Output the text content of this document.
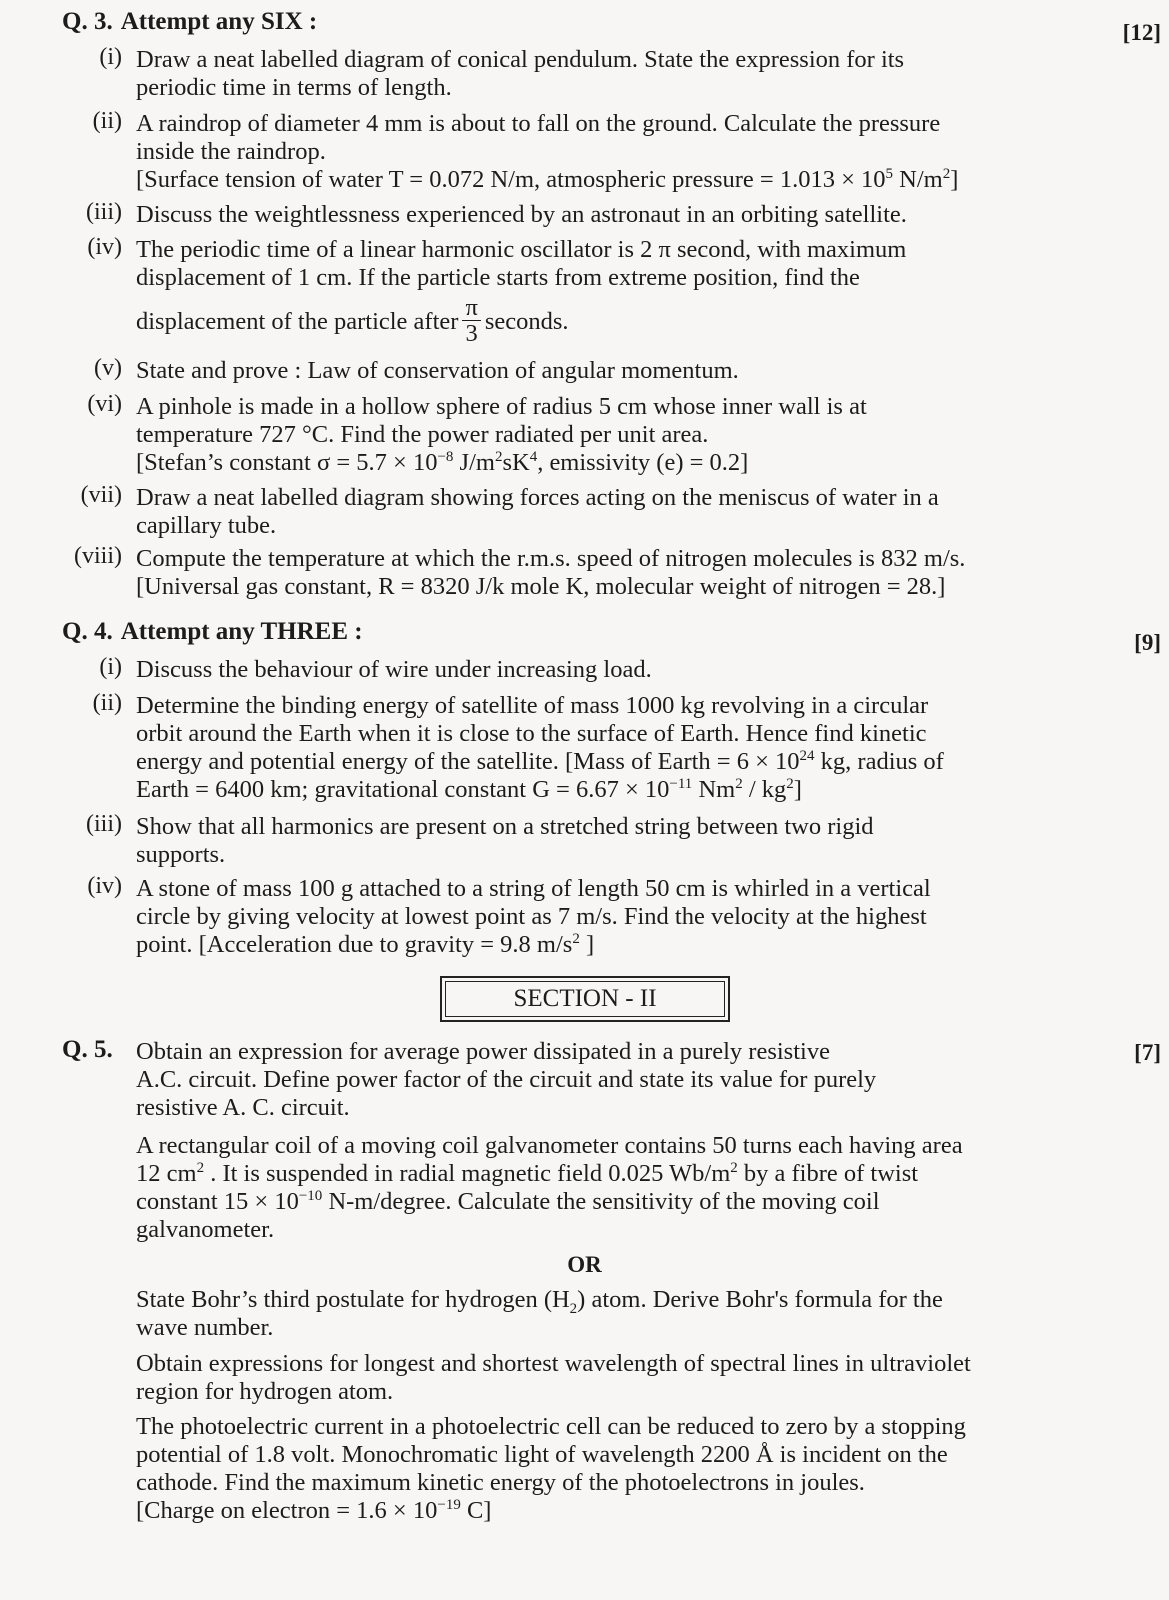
Q. 3. Attempt any SIX :	[12]
(i) Draw a neat labelled diagram of conical pendulum. State the expression for its
periodic time in terms of length.
(ii) A raindrop of diameter 4 mm is about to fall on the ground. Calculate the pressure
inside the raindrop.
[Surface tension of water T = 0.072 N/m, atmospheric pressure = $1.013 \times 10^5$ $N/m^2$]
(iii) Discuss the weightlessness experienced by an astronaut in an orbiting satellite.
(iv) The periodic time of a linear harmonic oscillator is 2 π second, with maximum
displacement of 1 cm. If the particle starts from extreme position, find the
displacement of the particle after $\frac{\pi}{3}$ seconds.
(v) State and prove : Law of conservation of angular momentum.
(vi) A pinhole is made in a hollow sphere of radius 5 cm whose inner wall is at
temperature 727 °C. Find the power radiated per unit area.
[Stefan’s constant $\sigma = 5.7 \times 10^{-8}$ $J/m^2sK^4$, emissivity (e) = 0.2]
(vii) Draw a neat labelled diagram showing forces acting on the meniscus of water in a
capillary tube.
(viii) Compute the temperature at which the r.m.s. speed of nitrogen molecules is 832 m/s.
[Universal gas constant, R = 8320 J/k mole K, molecular weight of nitrogen = 28.]
Q. 4. Attempt any THREE :	[9]
(i) Discuss the behaviour of wire under increasing load.
(ii) Determine the binding energy of satellite of mass 1000 kg revolving in a circular
orbit around the Earth when it is close to the surface of Earth. Hence find kinetic
energy and potential energy of the satellite. [Mass of Earth = $6 \times 10^{24}$ kg, radius of
Earth = 6400 km; gravitational constant $G = 6.67 \times 10^{-11}$ $Nm^2 / kg^2$]
(iii) Show that all harmonics are present on a stretched string between two rigid
supports.
(iv) A stone of mass 100 g attached to a string of length 50 cm is whirled in a vertical
circle by giving velocity at lowest point as 7 m/s. Find the velocity at the highest
point. [Acceleration due to gravity = 9.8 $m/s^2$ ]
SECTION - II
Q. 5.	[7]
Obtain an expression for average power dissipated in a purely resistive
A.C. circuit. Define power factor of the circuit and state its value for purely
resistive A. C. circuit.
A rectangular coil of a moving coil galvanometer contains 50 turns each having area
12 $cm^2$ . It is suspended in radial magnetic field 0.025 $Wb/m^2$ by a fibre of twist
constant $15 \times 10^{-10}$ N-m/degree. Calculate the sensitivity of the moving coil
galvanometer.
OR
State Bohr’s third postulate for hydrogen $(H_2)$ atom. Derive Bohr's formula for the
wave number.
Obtain expressions for longest and shortest wavelength of spectral lines in ultraviolet
region for hydrogen atom.
The photoelectric current in a photoelectric cell can be reduced to zero by a stopping
potential of 1.8 volt. Monochromatic light of wavelength 2200 Å is incident on the
cathode. Find the maximum kinetic energy of the photoelectrons in joules.
[Charge on electron = $1.6 \times 10^{-19}$ C]
